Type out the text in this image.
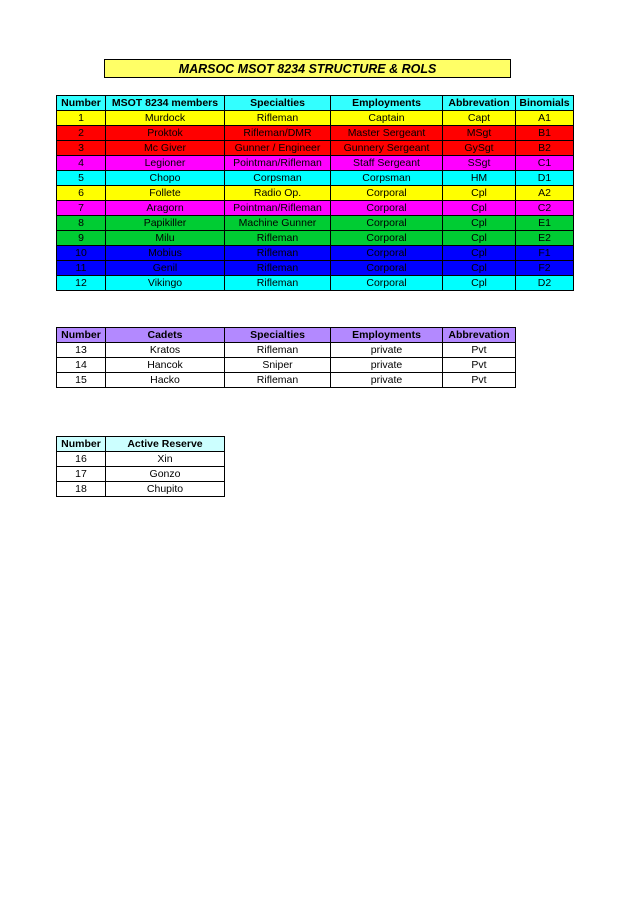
MARSOC MSOT 8234 STRUCTURE & ROLS
Number	MSOT 8234 members	Specialties	Employments	Abbrevation	Binomials
1	Murdock	Rifleman	Captain	Capt	A1
2	Proktok	Rifleman/DMR	Master Sergeant	MSgt	B1
3	Mc Giver	Gunner / Engineer	Gunnery Sergeant	GySgt	B2
4	Legioner	Pointman/Rifleman	Staff Sergeant	SSgt	C1
5	Chopo	Corpsman	Corpsman	HM	D1
6	Follete	Radio Op.	Corporal	Cpl	A2
7	Aragorn	Pointman/Rifleman	Corporal	Cpl	C2
8	Papikiller	Machine Gunner	Corporal	Cpl	E1
9	Milu	Rifleman	Corporal	Cpl	E2
10	Mobius	Rifleman	Corporal	Cpl	F1
11	Genil	Rifleman	Corporal	Cpl	F2
12	Vikingo	Rifleman	Corporal	Cpl	D2
Number	Cadets	Specialties	Employments	Abbrevation
13	Kratos	Rifleman	private	Pvt
14	Hancok	Sniper	private	Pvt
15	Hacko	Rifleman	private	Pvt
Number	Active Reserve
16	Xin
17	Gonzo
18	Chupito
